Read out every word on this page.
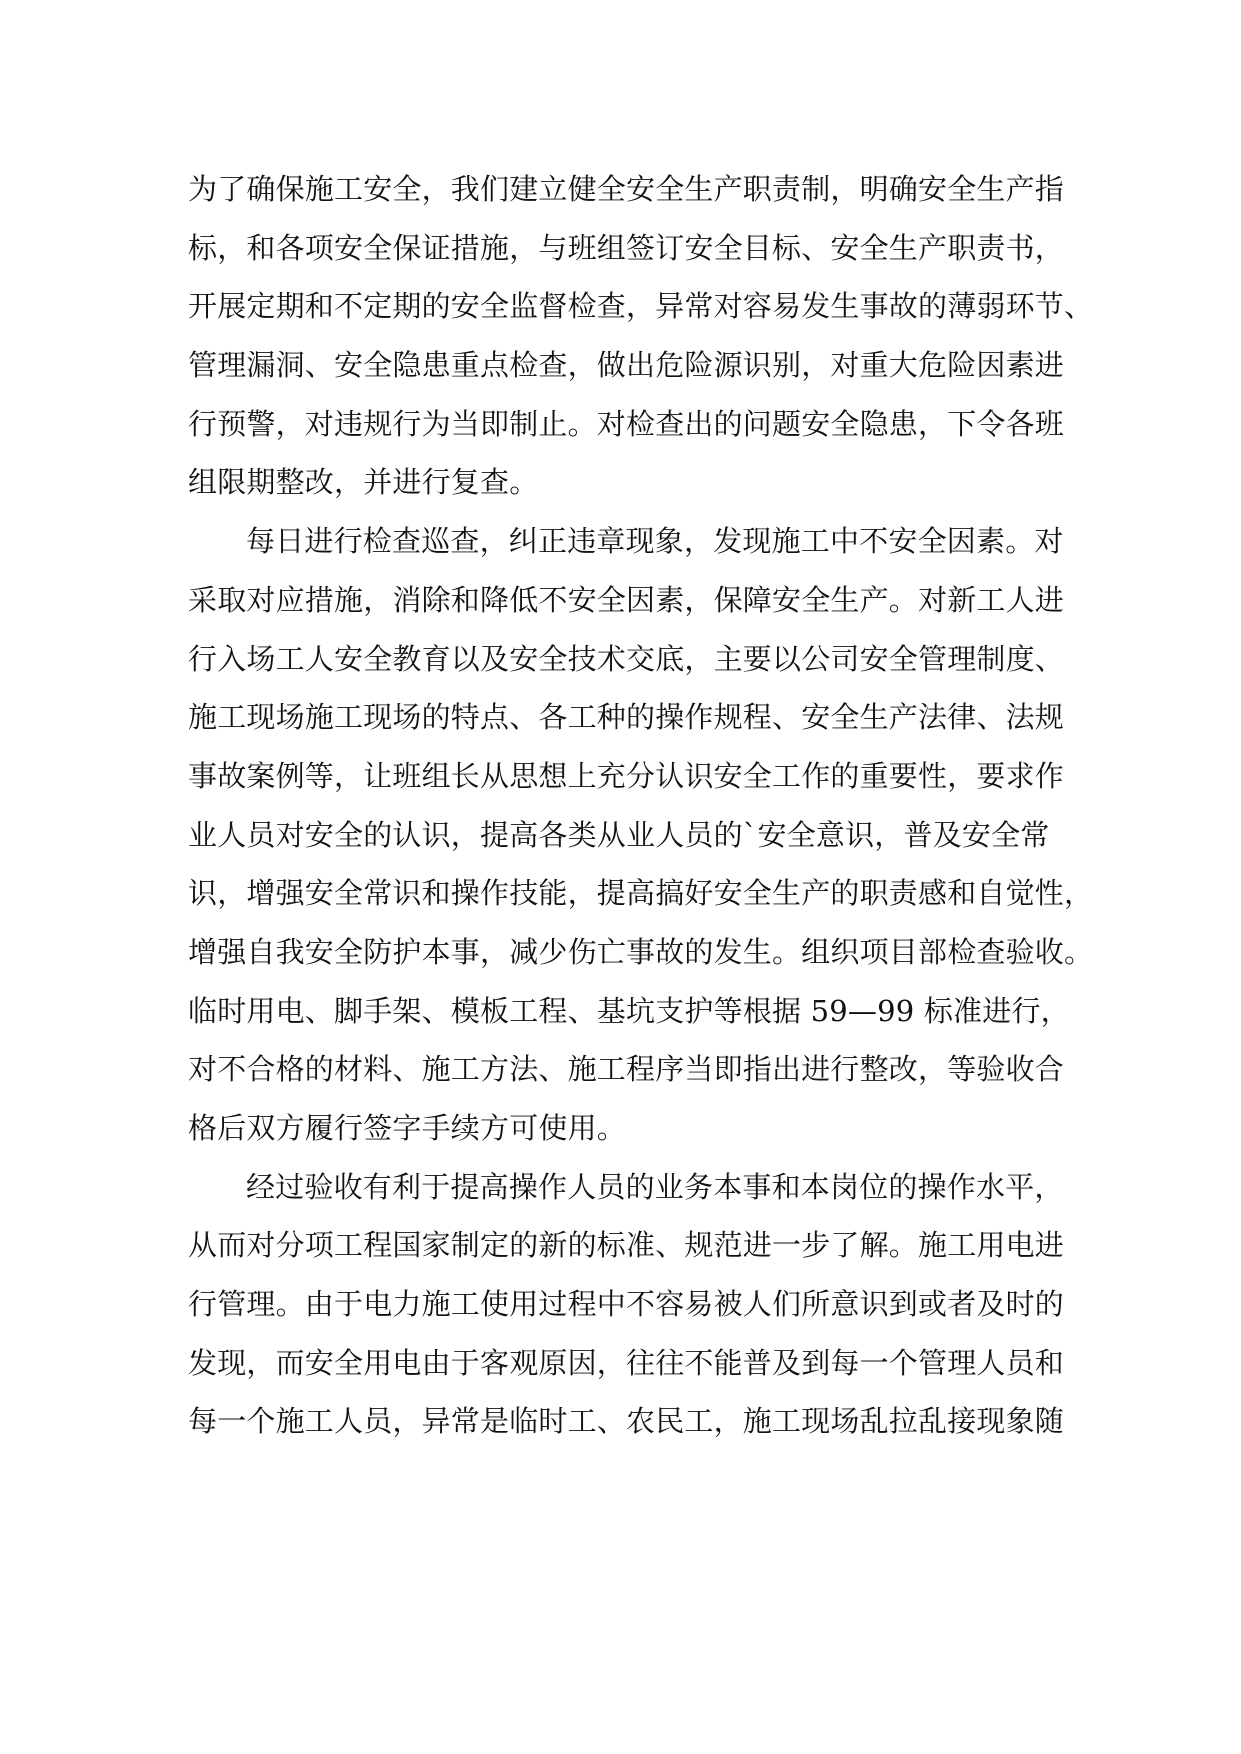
为了确保施工安全，我们建立健全安全生产职责制，明确安全生产指
标，和各项安全保证措施，与班组签订安全目标、安全生产职责书，
开展定期和不定期的安全监督检查，异常对容易发生事故的薄弱环节、
管理漏洞、安全隐患重点检查，做出危险源识别，对重大危险因素进
行预警，对违规行为当即制止。对检查出的问题安全隐患，下令各班
组限期整改，并进行复查。
每日进行检查巡查，纠正违章现象，发现施工中不安全因素。对
采取对应措施，消除和降低不安全因素，保障安全生产。对新工人进
行入场工人安全教育以及安全技术交底，主要以公司安全管理制度、
施工现场施工现场的特点、各工种的操作规程、安全生产法律、法规
事故案例等，让班组长从思想上充分认识安全工作的重要性，要求作
业人员对安全的认识，提高各类从业人员的`安全意识，普及安全常
识，增强安全常识和操作技能，提高搞好安全生产的职责感和自觉性，
增强自我安全防护本事，减少伤亡事故的发生。组织项目部检查验收。
临时用电、脚手架、模板工程、基坑支护等根据 59—99 标准进行，
对不合格的材料、施工方法、施工程序当即指出进行整改，等验收合
格后双方履行签字手续方可使用。
经过验收有利于提高操作人员的业务本事和本岗位的操作水平，
从而对分项工程国家制定的新的标准、规范进一步了解。施工用电进
行管理。由于电力施工使用过程中不容易被人们所意识到或者及时的
发现，而安全用电由于客观原因，往往不能普及到每一个管理人员和
每一个施工人员，异常是临时工、农民工，施工现场乱拉乱接现象随
